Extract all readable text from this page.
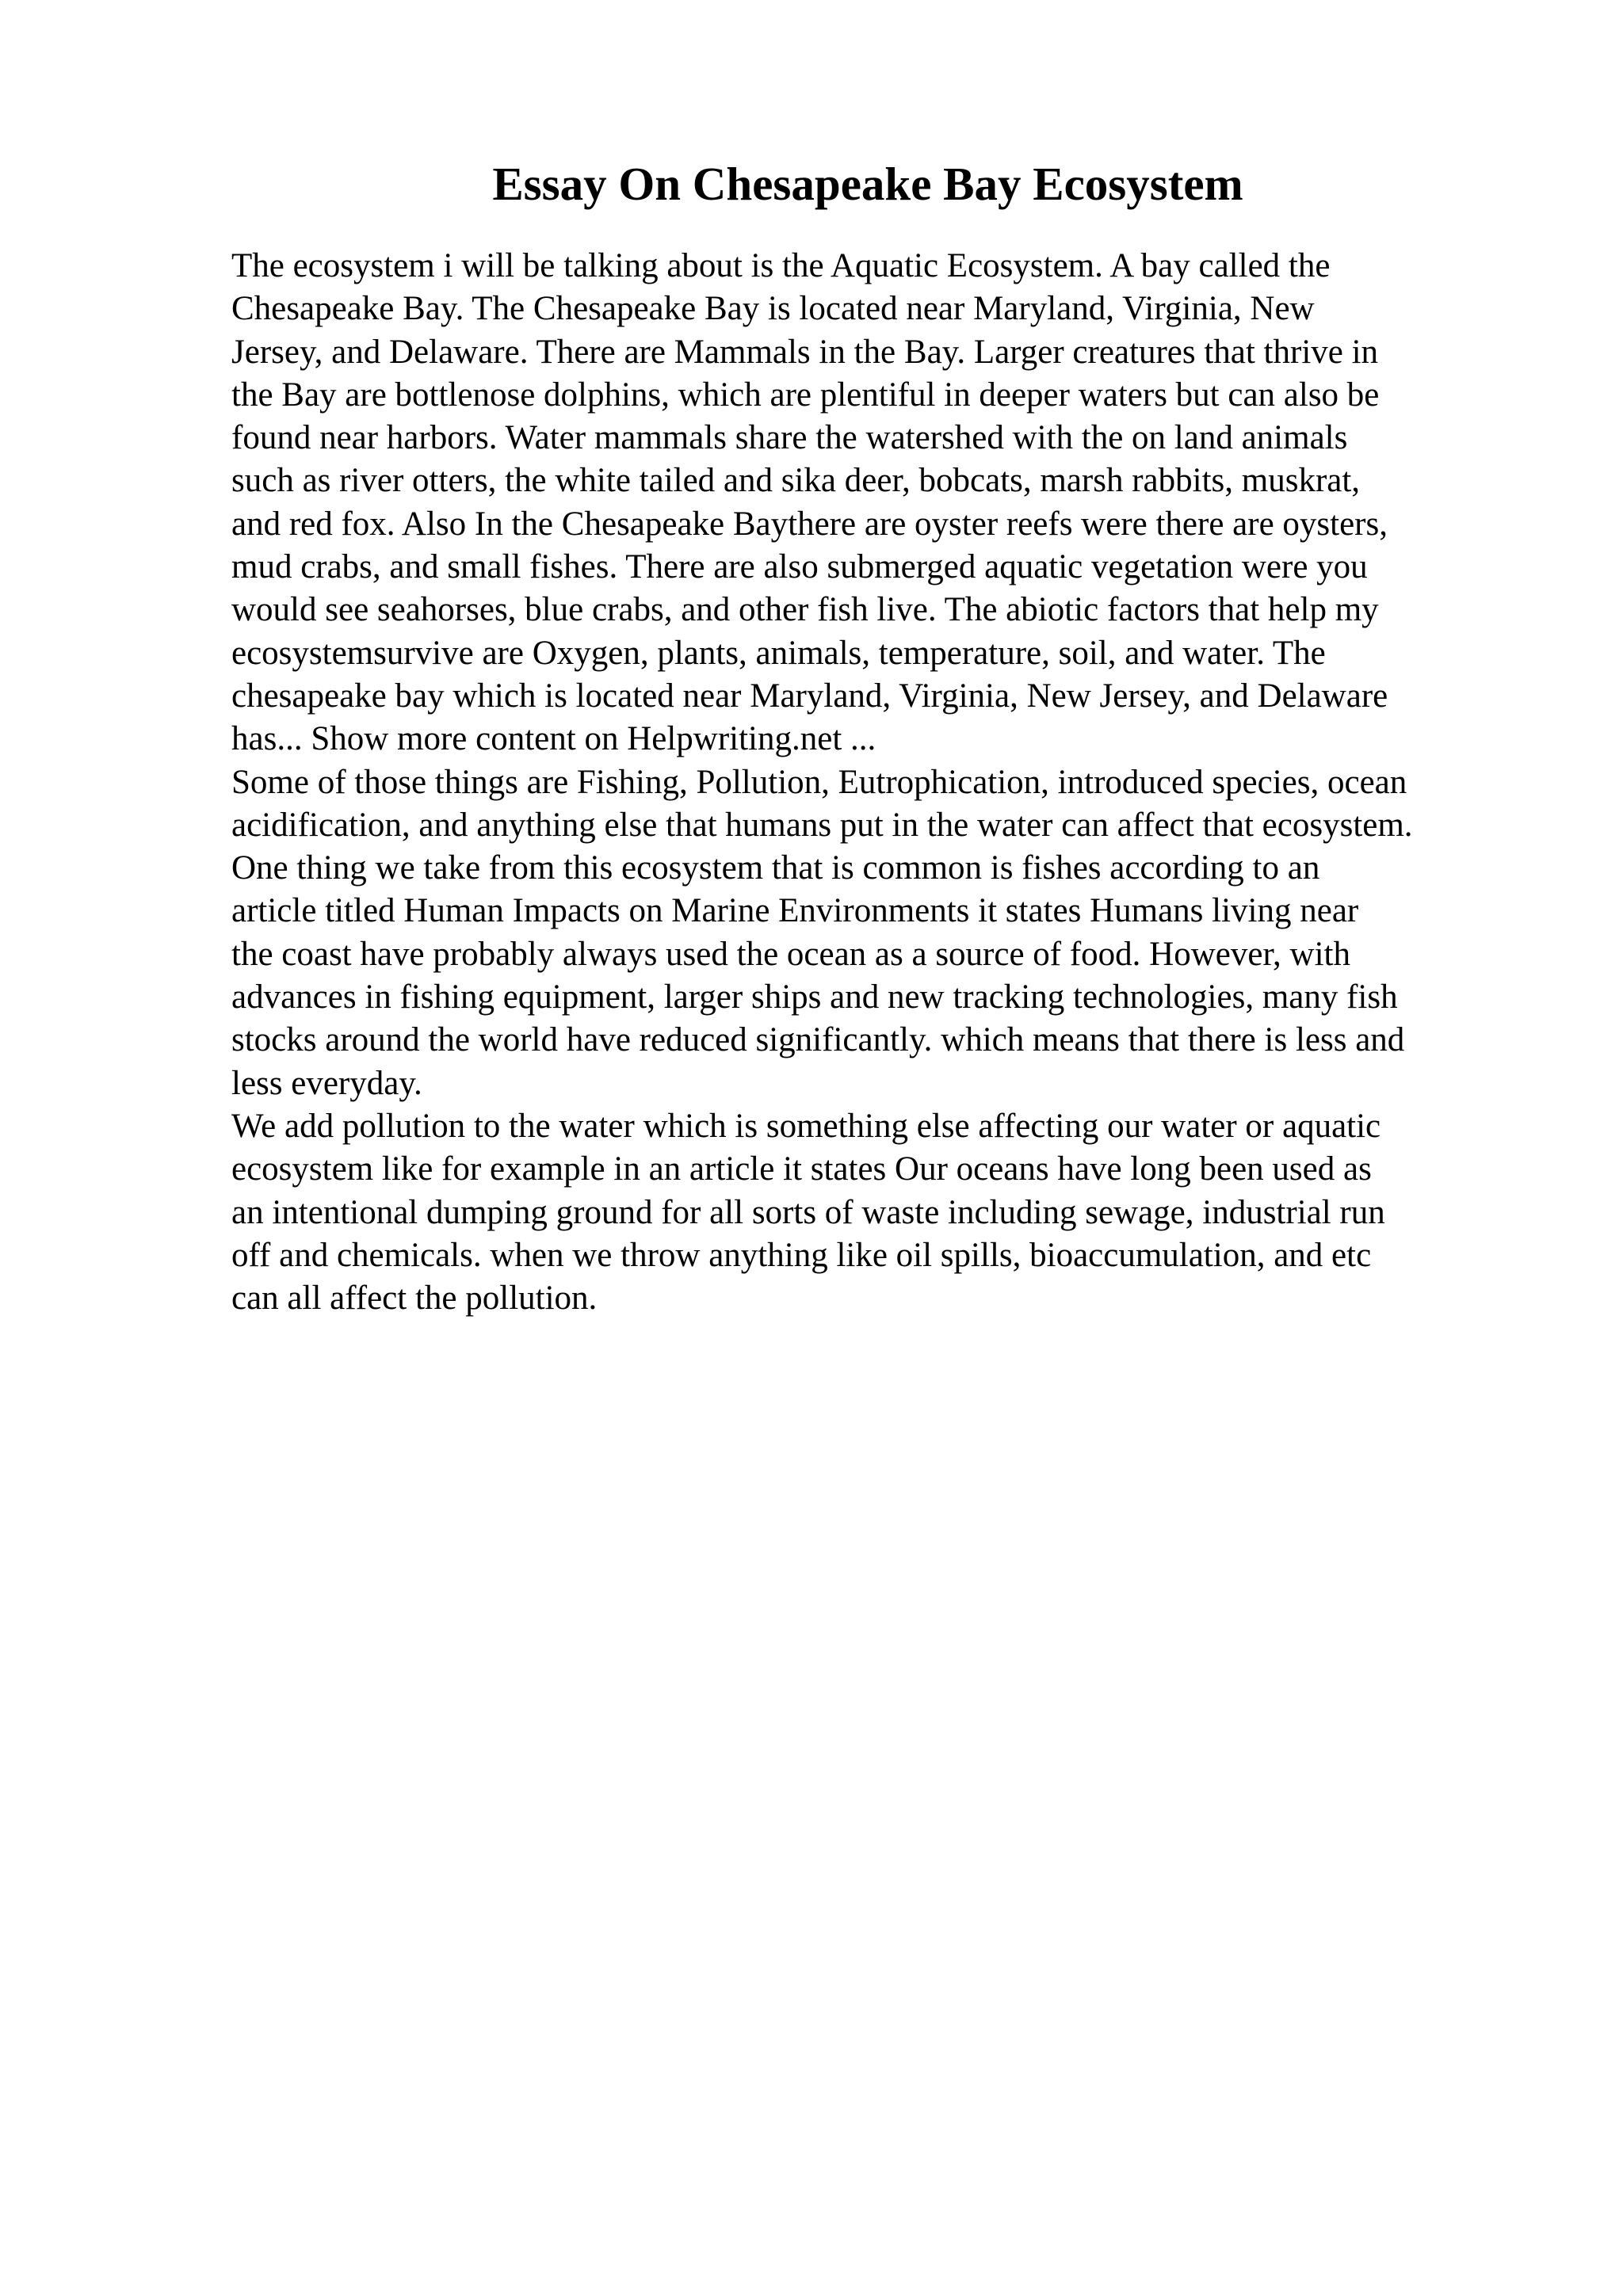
Essay On Chesapeake Bay Ecosystem
The ecosystem i will be talking about is the Aquatic Ecosystem. A bay called the
Chesapeake Bay. The Chesapeake Bay is located near Maryland, Virginia, New
Jersey, and Delaware. There are Mammals in the Bay. Larger creatures that thrive in
the Bay are bottlenose dolphins, which are plentiful in deeper waters but can also be
found near harbors. Water mammals share the watershed with the on land animals
such as river otters, the white tailed and sika deer, bobcats, marsh rabbits, muskrat,
and red fox. Also In the Chesapeake Baythere are oyster reefs were there are oysters,
mud crabs, and small fishes. There are also submerged aquatic vegetation were you
would see seahorses, blue crabs, and other fish live. The abiotic factors that help my
ecosystemsurvive are Oxygen, plants, animals, temperature, soil, and water. The
chesapeake bay which is located near Maryland, Virginia, New Jersey, and Delaware
has... Show more content on Helpwriting.net ...
Some of those things are Fishing, Pollution, Eutrophication, introduced species, ocean
acidification, and anything else that humans put in the water can affect that ecosystem.
One thing we take from this ecosystem that is common is fishes according to an
article titled Human Impacts on Marine Environments it states Humans living near
the coast have probably always used the ocean as a source of food. However, with
advances in fishing equipment, larger ships and new tracking technologies, many fish
stocks around the world have reduced significantly. which means that there is less and
less everyday.
We add pollution to the water which is something else affecting our water or aquatic
ecosystem like for example in an article it states Our oceans have long been used as
an intentional dumping ground for all sorts of waste including sewage, industrial run
off and chemicals. when we throw anything like oil spills, bioaccumulation, and etc
can all affect the pollution.
